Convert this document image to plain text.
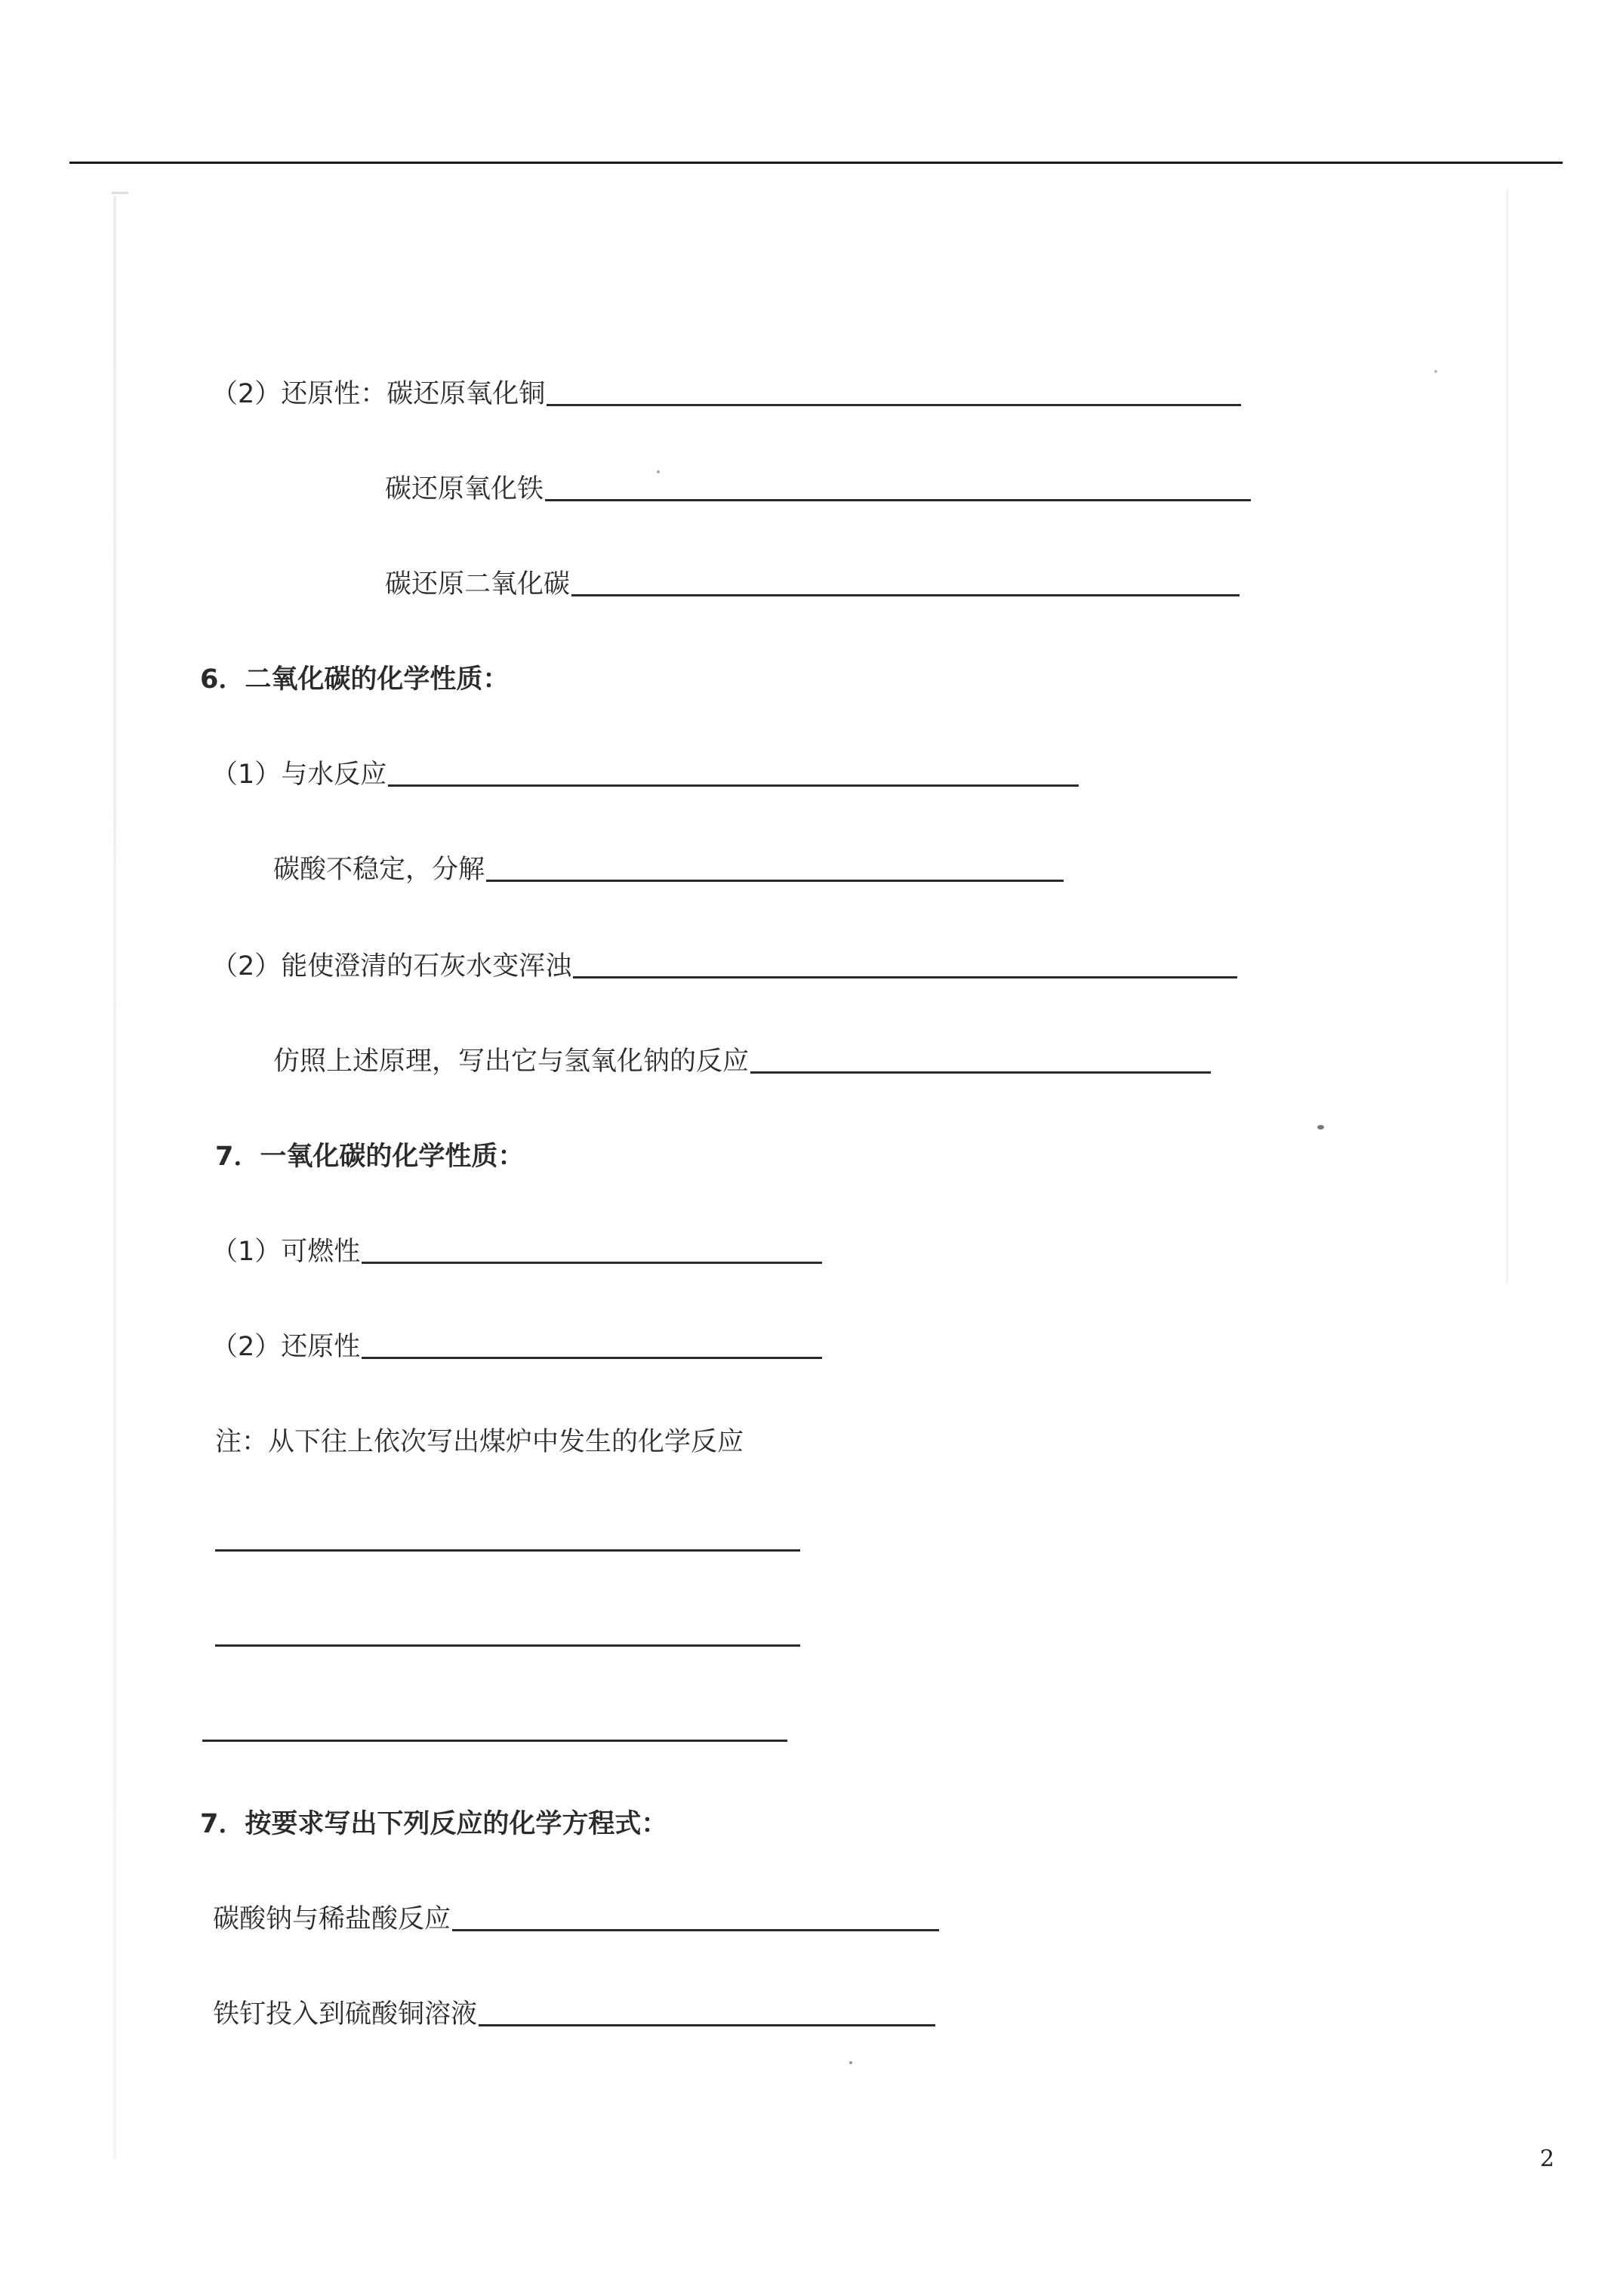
（2）还原性：碳还原氧化铜
碳还原氧化铁
碳还原二氧化碳
6．二氧化碳的化学性质：
（1）与水反应
碳酸不稳定，分解
（2）能使澄清的石灰水变浑浊
仿照上述原理，写出它与氢氧化钠的反应
7．一氧化碳的化学性质：
（1）可燃性
（2）还原性
注：从下往上依次写出煤炉中发生的化学反应
7．按要求写出下列反应的化学方程式：
碳酸钠与稀盐酸反应
铁钉投入到硫酸铜溶液
2
